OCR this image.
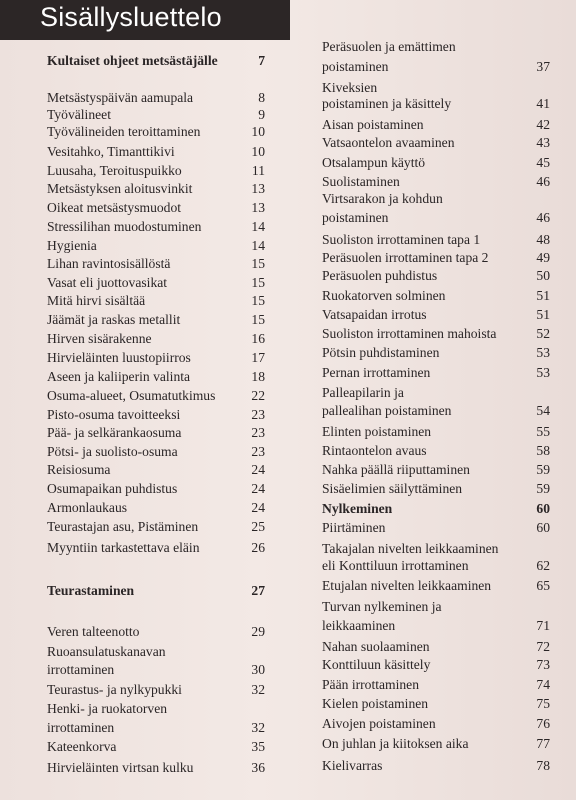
Sisällysluettelo
Kultaiset ohjeet metsästäjälle	7
Metsästyspäivän aamupala	8
Työvälineet	9
Työvälineiden teroittaminen	10
Vesitahko, Timanttikivi	10
Luusaha, Teroituspuikko	11
Metsästyksen aloitusvinkit	13
Oikeat metsästysmuodot	13
Stressilihan muodostuminen	14
Hygienia	14
Lihan ravintosisällöstä	15
Vasat eli juottovasikat	15
Mitä hirvi sisältää	15
Jäämät ja raskas metallit	15
Hirven sisärakenne	16
Hirvieläinten luustopiirros	17
Aseen ja kaliiperin valinta	18
Osuma-alueet, Osumatutkimus	22
Pisto-osuma tavoitteeksi	23
Pää- ja selkärankaosuma	23
Pötsi- ja suolisto-osuma	23
Reisiosuma	24
Osumapaikan puhdistus	24
Armonlaukaus	24
Teurastajan asu, Pistäminen	25
Myyntiin tarkastettava eläin	26
Teurastaminen	27
Veren talteenotto	29
Ruoansulatuskanavan
irrottaminen	30
Teurastus- ja nylkypukki	32
Henki- ja ruokatorven
irrottaminen	32
Kateenkorva	35
Hirvieläinten virtsan kulku	36
Peräsuolen ja emättimen
poistaminen	37
Kiveksien
poistaminen ja käsittely	41
Aisan poistaminen	42
Vatsaontelon avaaminen	43
Otsalampun käyttö	45
Suolistaminen	46
Virtsarakon ja kohdun
poistaminen	46
Suoliston irrottaminen tapa 1	48
Peräsuolen irrottaminen tapa 2	49
Peräsuolen puhdistus	50
Ruokatorven solminen	51
Vatsapaidan irrotus	51
Suoliston irrottaminen mahoista	52
Pötsin puhdistaminen	53
Pernan irrottaminen	53
Palleapilarin ja
pallealihan poistaminen	54
Elinten poistaminen	55
Rintaontelon avaus	58
Nahka päällä riiputtaminen	59
Sisäelimien säilyttäminen	59
Nylkeminen	60
Piirtäminen	60
Takajalan nivelten leikkaaminen
eli Konttiluun irrottaminen	62
Etujalan nivelten leikkaaminen	65
Turvan nylkeminen ja
leikkaaminen	71
Nahan suolaaminen	72
Konttiluun käsittely	73
Pään irrottaminen	74
Kielen poistaminen	75
Aivojen poistaminen	76
On juhlan ja kiitoksen aika	77
Kielivarras	78
